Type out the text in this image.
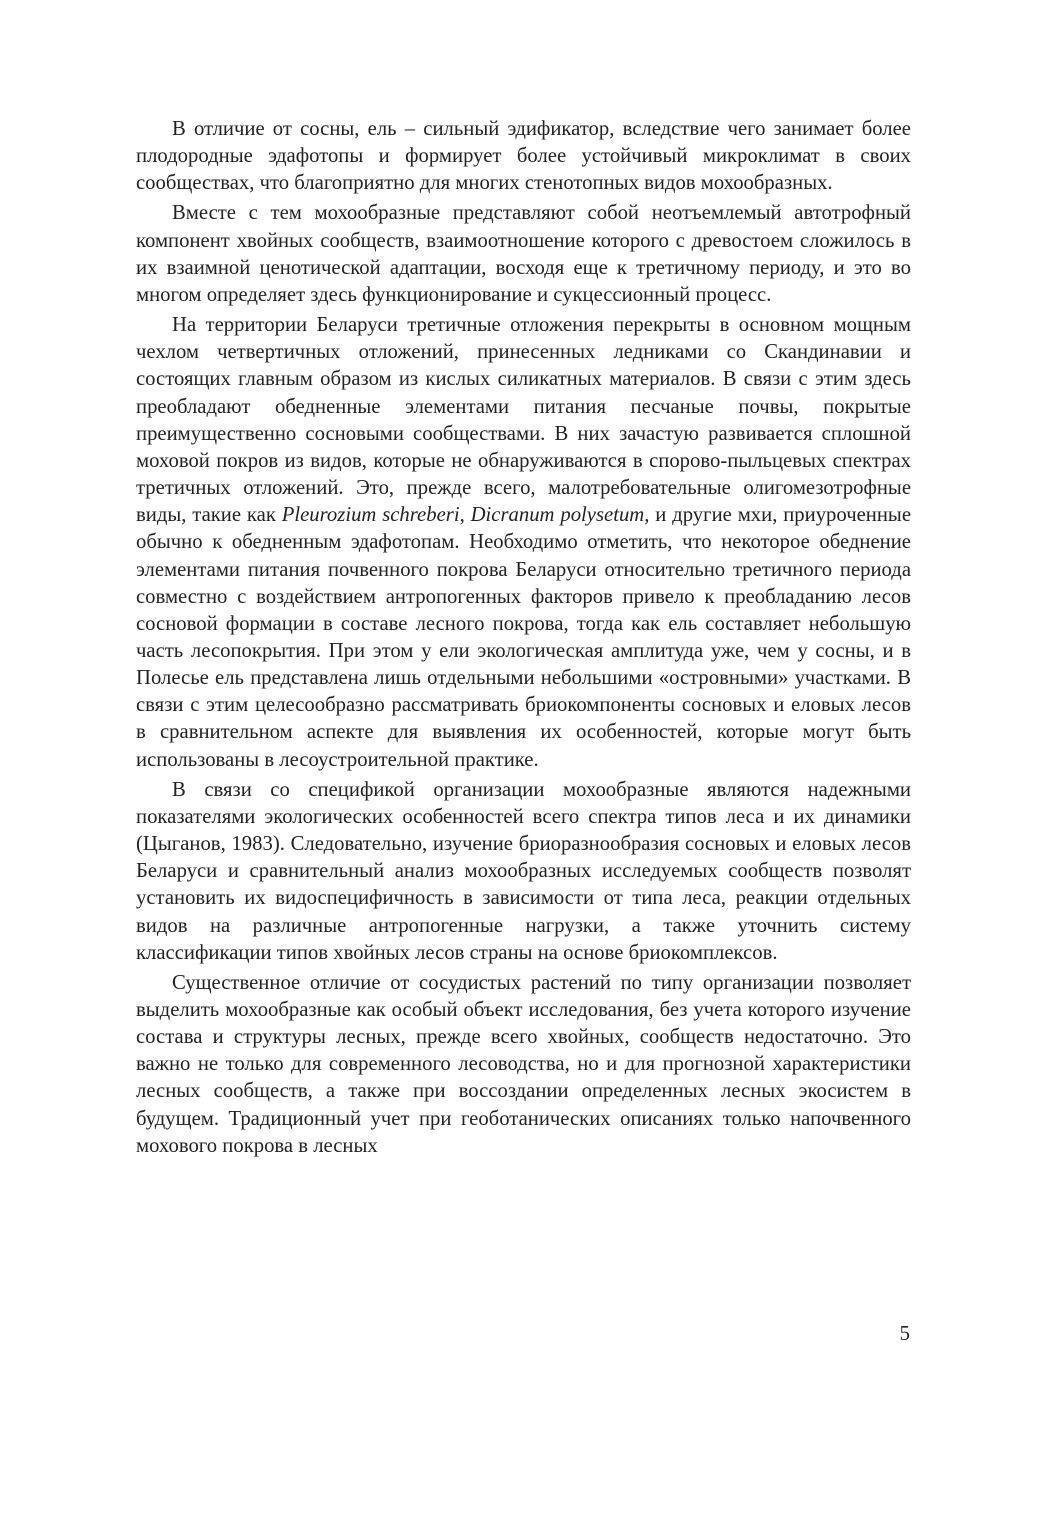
В отличие от сосны, ель – сильный эдификатор, вследствие чего занимает более плодородные эдафотопы и формирует более устойчивый микроклимат в своих сообществах, что благоприятно для многих стенотопных видов мохообразных.

Вместе с тем мохообразные представляют собой неотъемлемый автотрофный компонент хвойных сообществ, взаимоотношение которого с древостоем сложилось в их взаимной ценотической адаптации, восходя еще к третичному периоду, и это во многом определяет здесь функционирование и сукцессионный процесс.

На территории Беларуси третичные отложения перекрыты в основном мощным чехлом четвертичных отложений, принесенных ледниками со Скандинавии и состоящих главным образом из кислых силикатных материалов. В связи с этим здесь преобладают обедненные элементами питания песчаные почвы, покрытые преимущественно сосновыми сообществами. В них зачастую развивается сплошной моховой покров из видов, которые не обнаруживаются в спорово-пыльцевых спектрах третичных отложений. Это, прежде всего, малотребовательные олигомезотрофные виды, такие как Pleurozium schreberi, Dicranum polysetum, и другие мхи, приуроченные обычно к обедненным эдафотопам. Необходимо отметить, что некоторое обеднение элементами питания почвенного покрова Беларуси относительно третичного периода совместно с воздействием антропогенных факторов привело к преобладанию лесов сосновой формации в составе лесного покрова, тогда как ель составляет небольшую часть лесопокрытия. При этом у ели экологическая амплитуда уже, чем у сосны, и в Полесье ель представлена лишь отдельными небольшими «островными» участками. В связи с этим целесообразно рассматривать бриокомпоненты сосновых и еловых лесов в сравнительном аспекте для выявления их особенностей, которые могут быть использованы в лесоустроительной практике.

В связи со спецификой организации мохообразные являются надежными показателями экологических особенностей всего спектра типов леса и их динамики (Цыганов, 1983). Следовательно, изучение бриоразнообразия сосновых и еловых лесов Беларуси и сравнительный анализ мохообразных исследуемых сообществ позволят установить их видоспецифичность в зависимости от типа леса, реакции отдельных видов на различные антропогенные нагрузки, а также уточнить систему классификации типов хвойных лесов страны на основе бриокомплексов.

Существенное отличие от сосудистых растений по типу организации позволяет выделить мохообразные как особый объект исследования, без учета которого изучение состава и структуры лесных, прежде всего хвойных, сообществ недостаточно. Это важно не только для современного лесоводства, но и для прогнозной характеристики лесных сообществ, а также при воссоздании определенных лесных экосистем в будущем. Традиционный учет при геоботанических описаниях только напочвенного мохового покрова в лесных

5
